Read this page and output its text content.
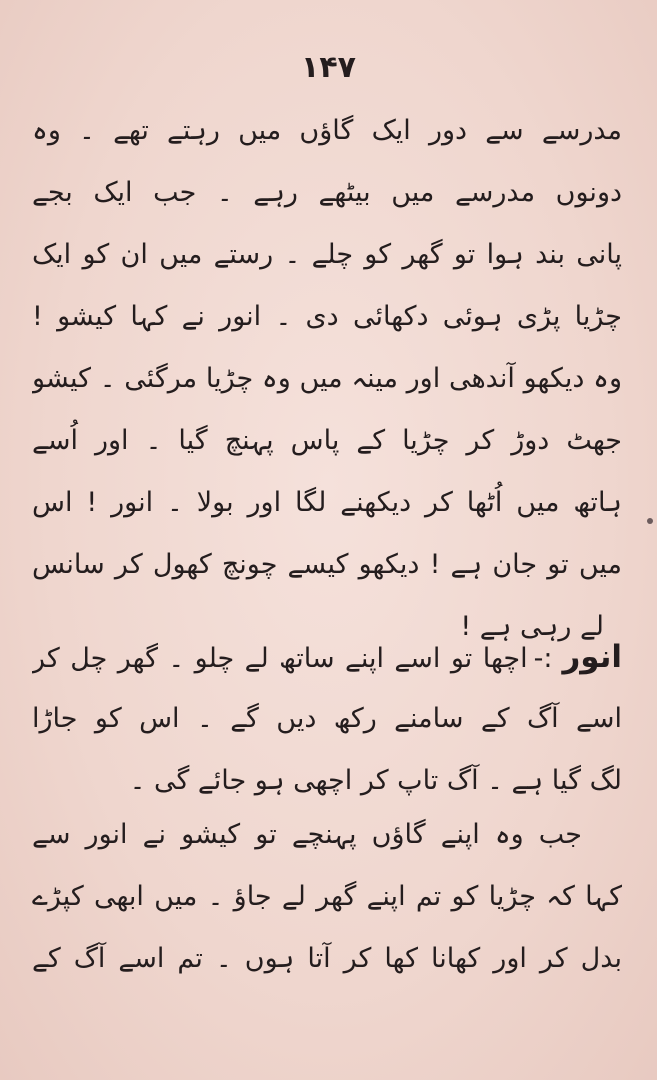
۱۴۷
مدرسے سے دور ایک گاؤں میں رہتے تھے ۔ وہ
دونوں مدرسے میں بیٹھے رہے ۔ جب ایک بجے
پانی بند ہوا تو گھر کو چلے ۔ رستے میں ان کو ایک
چڑیا پڑی ہوئی دکھائی دی ۔ انور نے کہا کیشو !
وہ دیکھو آندھی اور مینہ میں وہ چڑیا مرگئی ۔ کیشو
جھٹ دوڑ کر چڑیا کے پاس پہنچ گیا ۔ اور اُسے
ہاتھ میں اُٹھا کر دیکھنے لگا اور بولا ۔ انور ! اس
میں تو جان ہے ! دیکھو کیسے چونچ کھول کر سانس
لے رہی ہے !
انور:-اچھا تو اسے اپنے ساتھ لے چلو ۔ گھر چل کر
اسے آگ کے سامنے رکھ دیں گے ۔ اس کو جاڑا
لگ گیا ہے ۔ آگ تاپ کر اچھی ہو جائے گی ۔
جب وہ اپنے گاؤں پہنچے تو کیشو نے انور سے
کہا کہ چڑیا کو تم اپنے گھر لے جاؤ ۔ میں ابھی کپڑے
بدل کر اور کھانا کھا کر آتا ہوں ۔ تم اسے آگ کے
